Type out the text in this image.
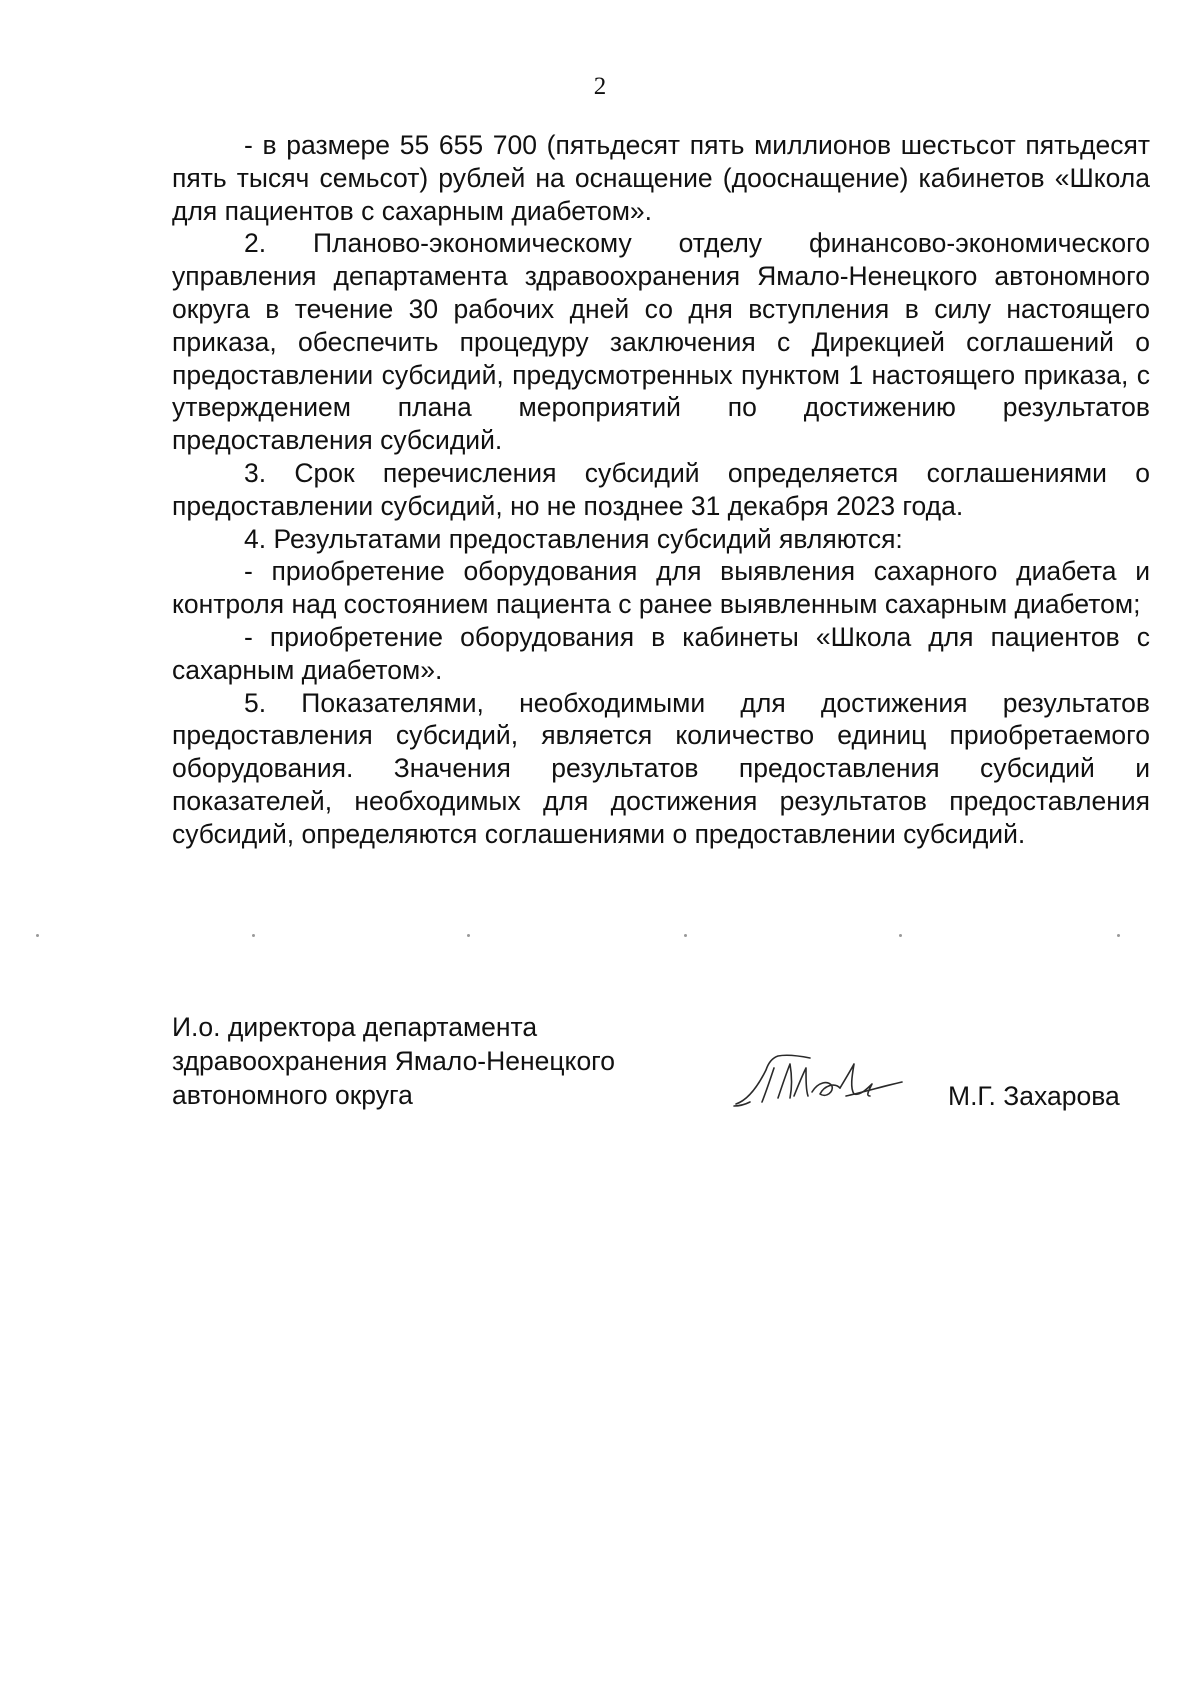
2

- в размере 55 655 700 (пятьдесят пять миллионов шестьсот пятьдесят пять тысяч семьсот) рублей на оснащение (дооснащение) кабинетов «Школа для пациентов с сахарным диабетом».

2. Планово-экономическому отделу финансово-экономического управления департамента здравоохранения Ямало-Ненецкого автономного округа в течение 30 рабочих дней со дня вступления в силу настоящего приказа, обеспечить процедуру заключения с Дирекцией соглашений о предоставлении субсидий, предусмотренных пунктом 1 настоящего приказа, с утверждением плана мероприятий по достижению результатов предоставления субсидий.

3. Срок перечисления субсидий определяется соглашениями о предоставлении субсидий, но не позднее 31 декабря 2023 года.

4. Результатами предоставления субсидий являются:

- приобретение оборудования для выявления сахарного диабета и контроля над состоянием пациента с ранее выявленным сахарным диабетом;

- приобретение оборудования в кабинеты «Школа для пациентов с сахарным диабетом».

5. Показателями, необходимыми для достижения результатов предоставления субсидий, является количество единиц приобретаемого оборудования. Значения результатов предоставления субсидий и показателей, необходимых для достижения результатов предоставления субсидий, определяются соглашениями о предоставлении субсидий.

И.о. директора департамента
здравоохранения Ямало-Ненецкого
автономного округа	М.Г. Захарова
